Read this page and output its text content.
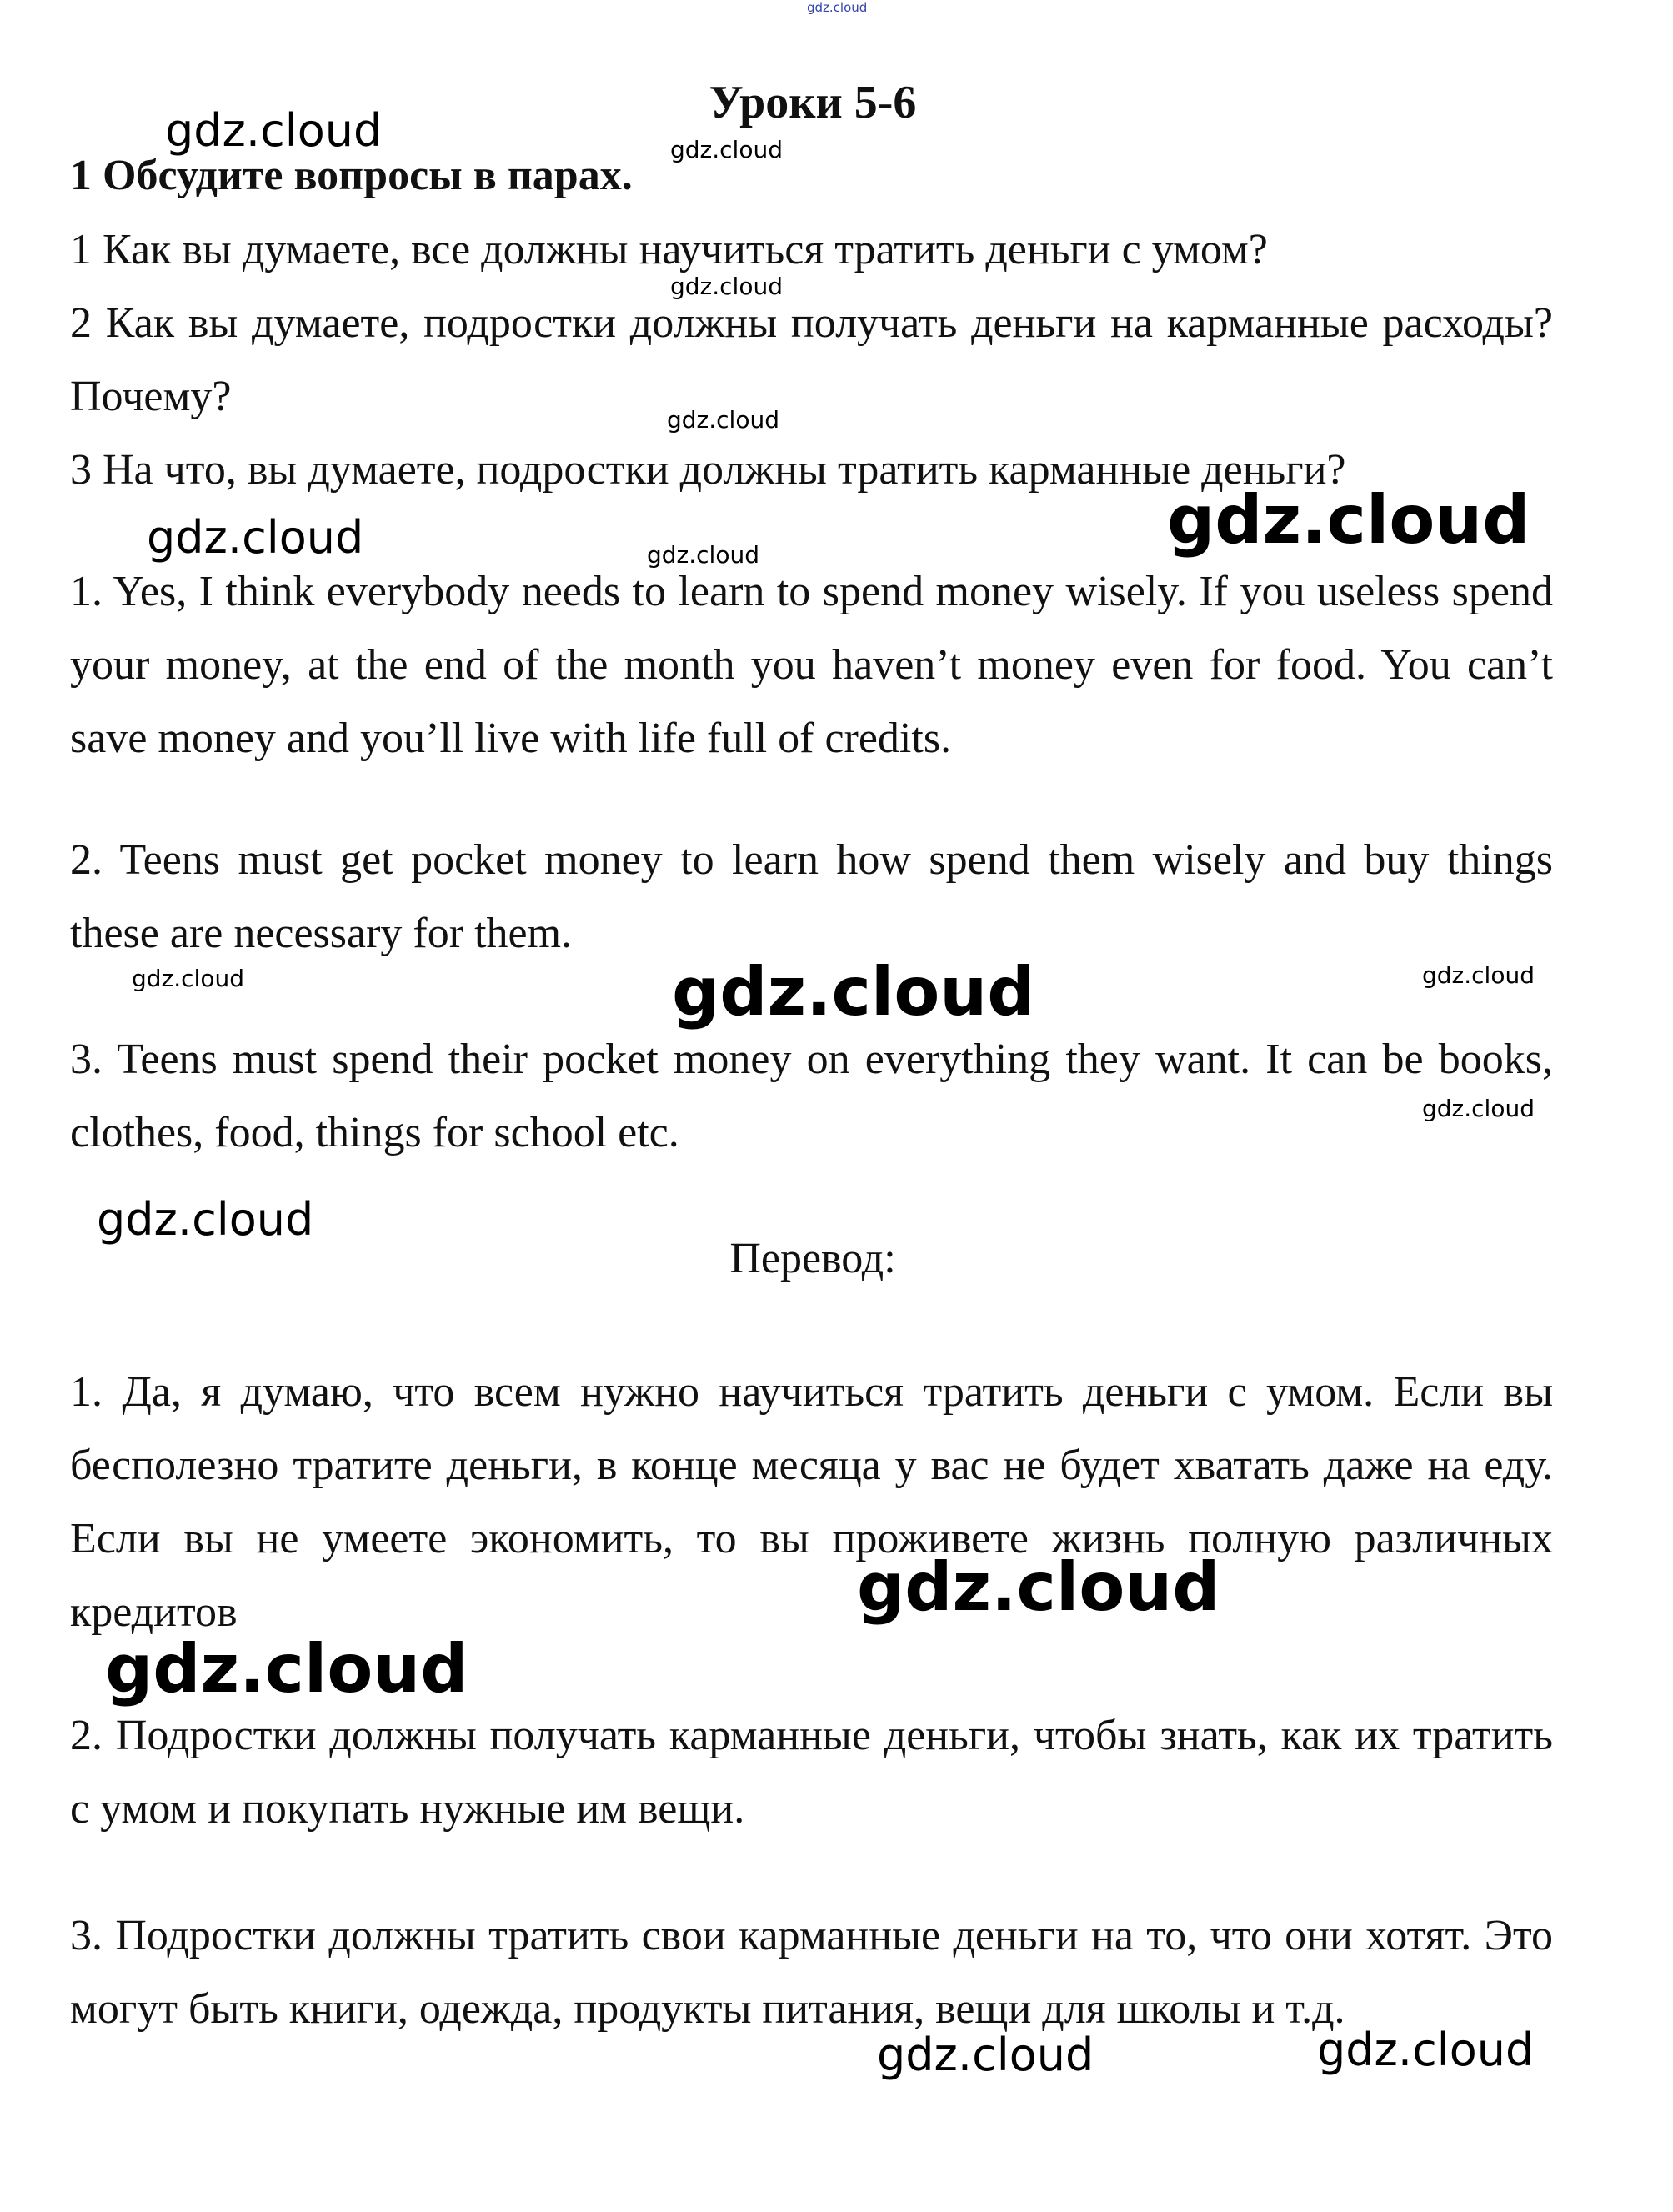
Уроки 5-6

1 Обсудите вопросы в парах.

1 Как вы думаете, все должны научиться тратить деньги с умом?

2 Как вы думаете, подростки должны получать деньги на карманные расходы? Почему?

3 На что, вы думаете, подростки должны тратить карманные деньги?

1. Yes, I think everybody needs to learn to spend money wisely. If you useless spend your money, at the end of the month you haven’t money even for food. You can’t save money and you’ll live with life full of credits.

2. Teens must get pocket money to learn how spend them wisely and buy things these are necessary for them.

3. Teens must spend their pocket money on everything they want. It can be books, clothes, food, things for school etc.

Перевод:

1. Да, я думаю, что всем нужно научиться тратить деньги с умом. Если вы бесполезно тратите деньги, в конце месяца у вас не будет хватать даже на еду. Если вы не умеете экономить, то вы проживете жизнь полную различных кредитов

2. Подростки должны получать карманные деньги, чтобы знать, как их тратить с умом и покупать нужные им вещи.

3. Подростки должны тратить свои карманные деньги на то, что они хотят. Это могут быть книги, одежда, продукты питания, вещи для школы и т.д.

gdz.cloud
gdz.cloud	gdz.cloud
gdz.cloud
gdz.cloud
gdz.cloud	gdz.cloud	gdz.cloud
gdz.cloud	gdz.cloud
gdz.cloud
gdz.cloud
gdz.cloud
gdz.cloud
gdz.cloud
gdz.cloud	gdz.cloud
